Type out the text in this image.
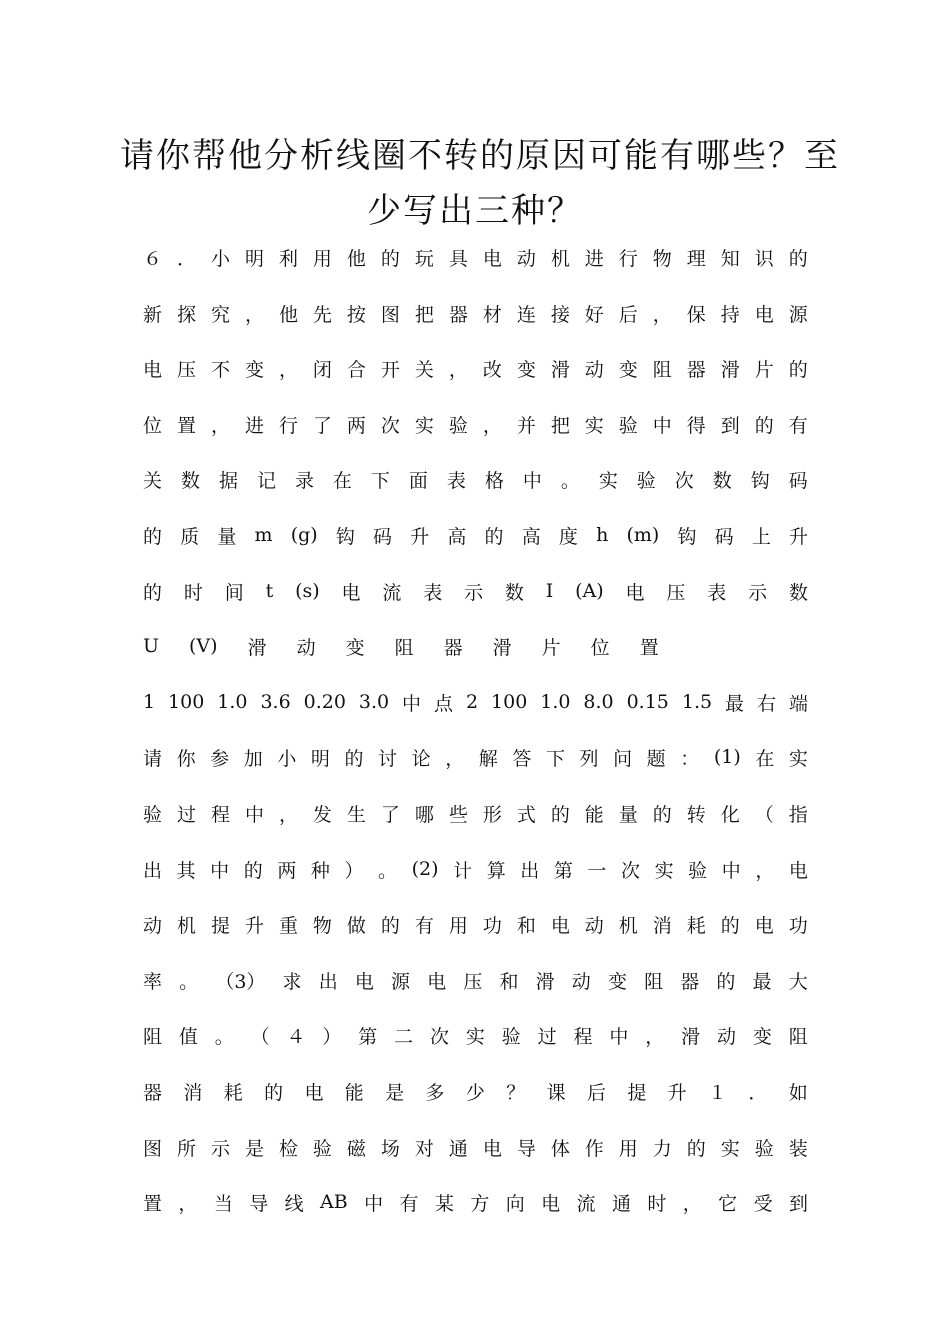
请你帮他分析线圈不转的原因可能有哪些？至
少写出三种？
６ ． 小 明 利 用 他 的 玩 具 电 动 机 进 行 物 理 知 识 的
新 探 究 ， 他 先 按 图 把 器 材 连 接 好 后 ， 保 持 电 源
电 压 不 变 ， 闭 合 开 关 ， 改 变 滑 动 变 阻 器 滑 片 的
位 置 ， 进 行 了 两 次 实 验 ， 并 把 实 验 中 得 到 的 有
关 数 据 记 录 在 下 面 表 格 中 。 实 验 次 数 钩 码
的 质 量 m (g) 钩 码 升 高 的 高 度 h (m) 钩 码 上 升
的 时 间 t (s) 电 流 表 示 数 I (A) 电 压 表 示 数
U (V) 滑 动 变 阻 器 滑 片 位 置
1 100 1.0 3.6 0.20 3.0 中 点 2 100 1.0 8.0 0.15 1.5 最 右 端
请 你 参 加 小 明 的 讨 论 ， 解 答 下 列 问 题 ： (1) 在 实
验 过 程 中 ， 发 生 了 哪 些 形 式 的 能 量 的 转 化 （ 指
出 其 中 的 两 种 ） 。 (2) 计 算 出 第 一 次 实 验 中 ， 电
动 机 提 升 重 物 做 的 有 用 功 和 电 动 机 消 耗 的 电 功
率 。 （3） 求 出 电 源 电 压 和 滑 动 变 阻 器 的 最 大
阻 值 。 （ ４ ） 第 二 次 实 验 过 程 中 ， 滑 动 变 阻
器 消 耗 的 电 能 是 多 少 ？ 课 后 提 升 １ ． 如
图 所 示 是 检 验 磁 场 对 通 电 导 体 作 用 力 的 实 验 装
置 ， 当 导 线 AB 中 有 某 方 向 电 流 通 时 ， 它 受 到
